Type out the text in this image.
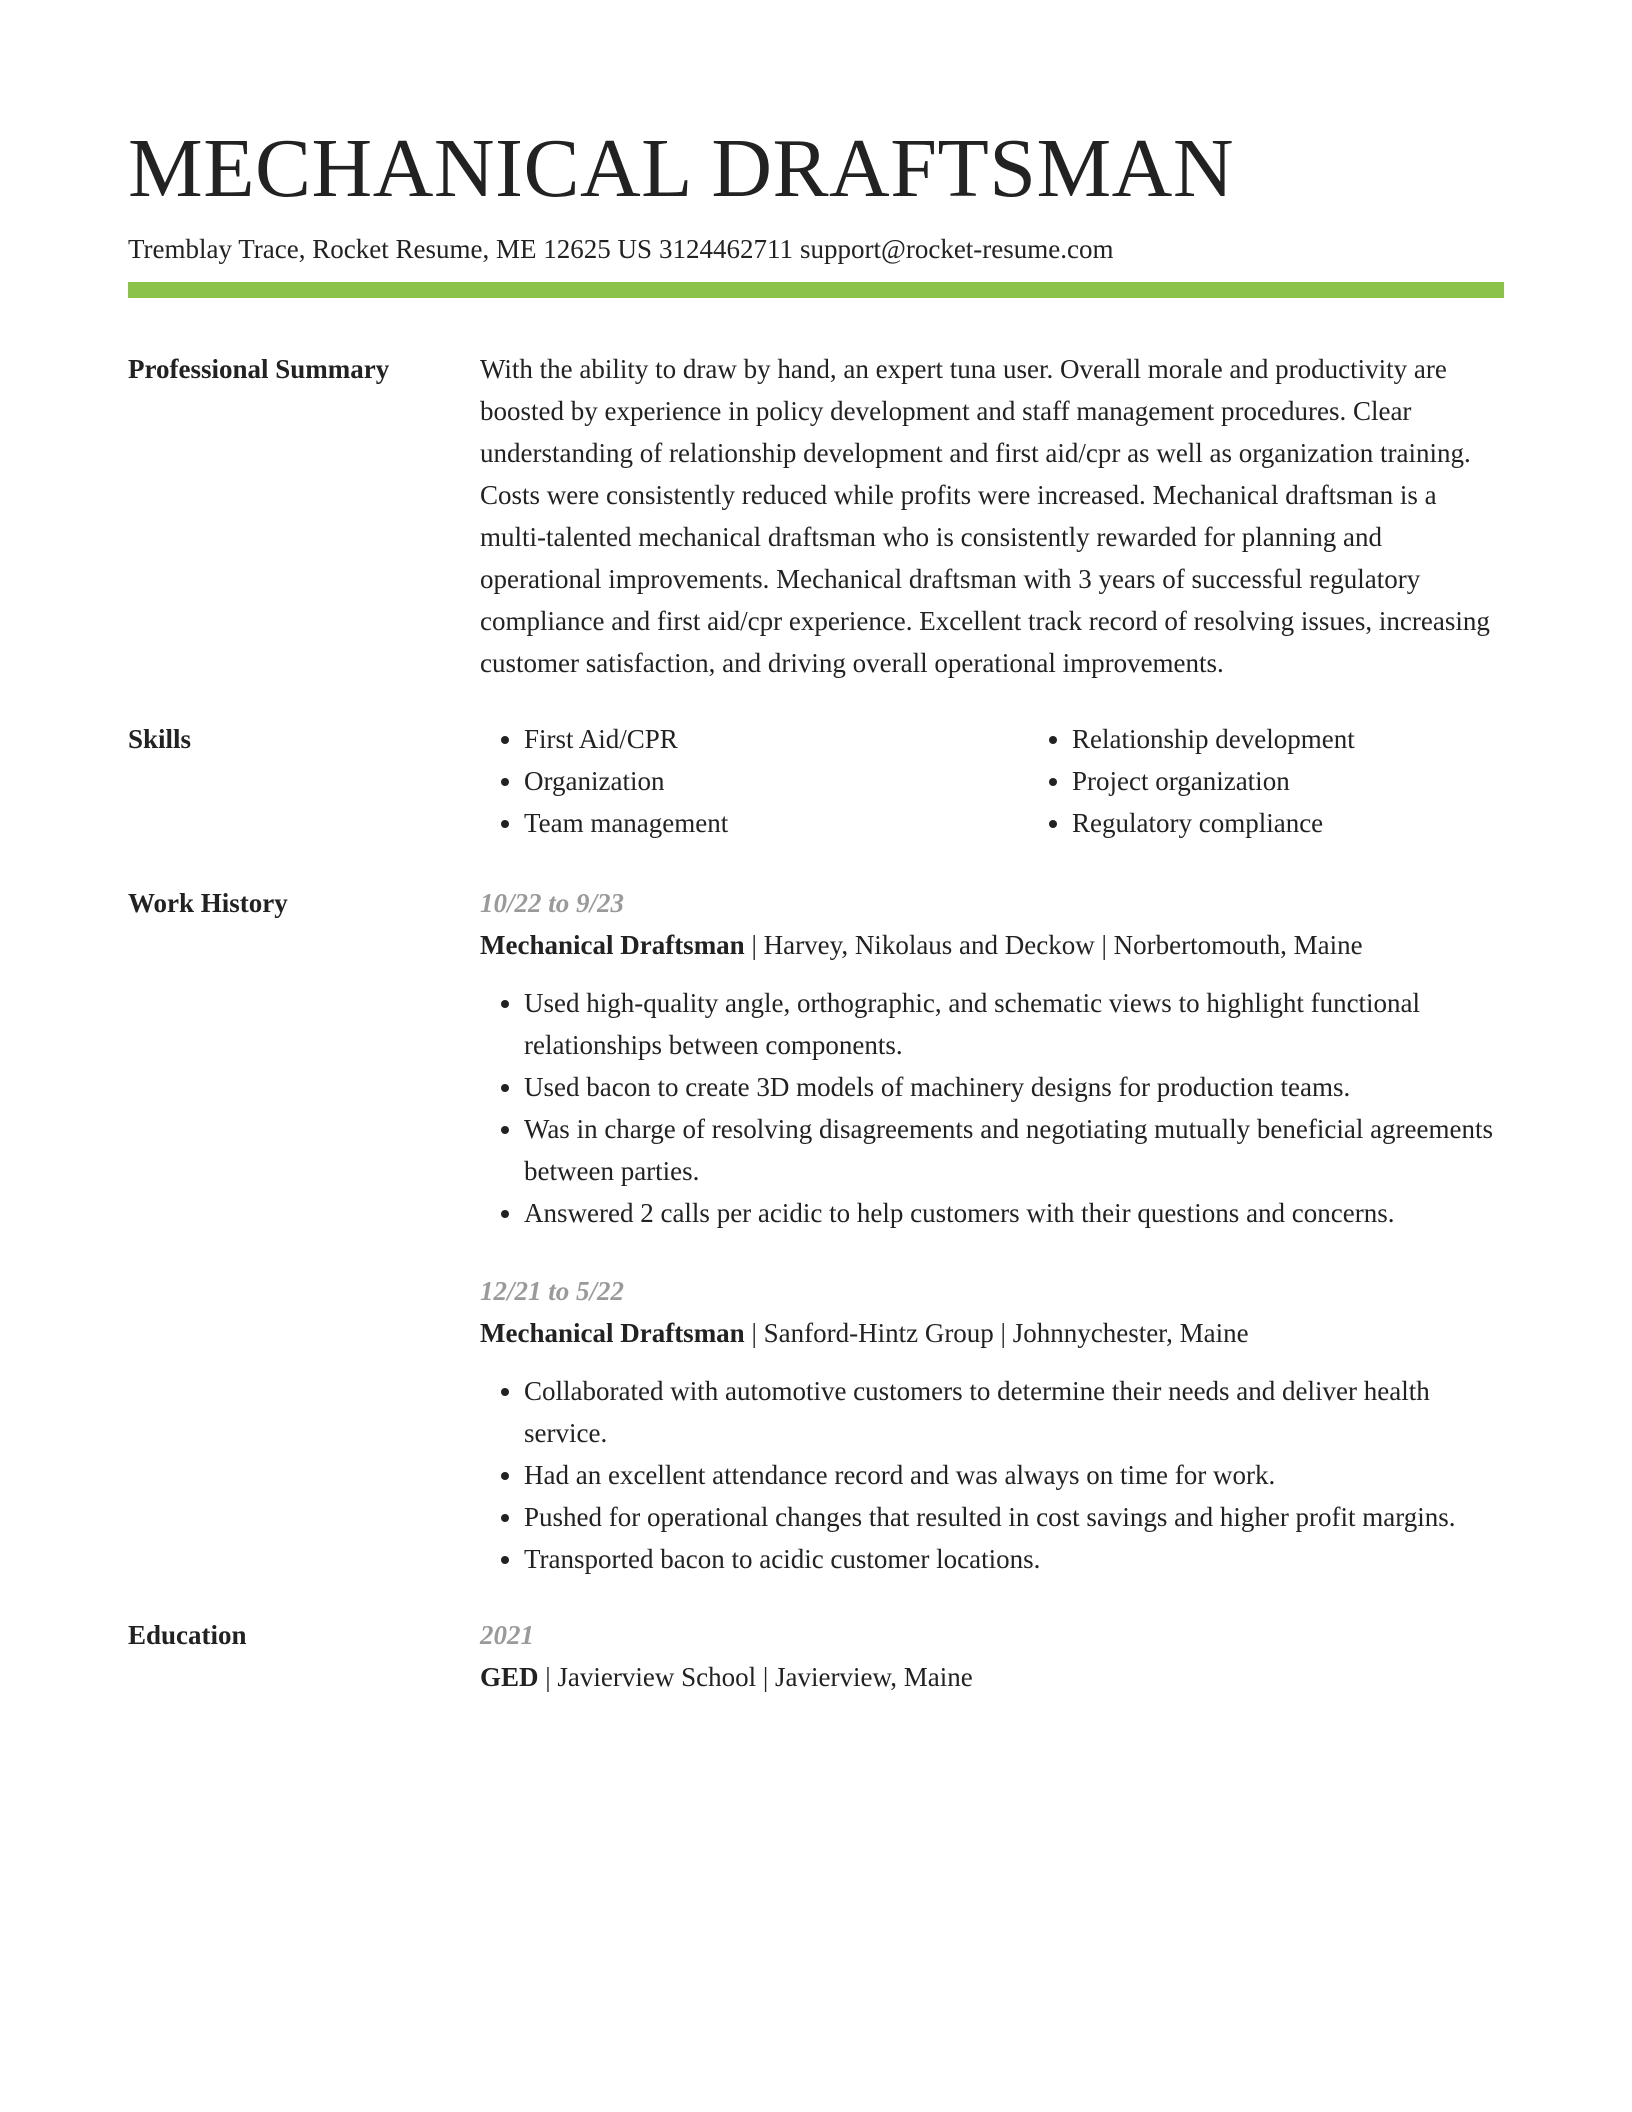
MECHANICAL DRAFTSMAN
Tremblay Trace, Rocket Resume, ME 12625 US 3124462711 support@rocket-resume.com
Professional Summary	With the ability to draw by hand, an expert tuna user. Overall morale and productivity are boosted by experience in policy development and staff management procedures. Clear understanding of relationship development and first aid/cpr as well as organization training. Costs were consistently reduced while profits were increased. Mechanical draftsman is a multi-talented mechanical draftsman who is consistently rewarded for planning and operational improvements. Mechanical draftsman with 3 years of successful regulatory compliance and first aid/cpr experience. Excellent track record of resolving issues, increasing customer satisfaction, and driving overall operational improvements.

Skills
•	First Aid/CPR
• Organization
• Team management
• Relationship development
• Project organization
• Regulatory compliance
Work History	10/22 to 9/23
Mechanical Draftsman | Harvey, Nikolaus and Deckow | Norbertomouth, Maine
• Used high-quality angle, orthographic, and schematic views to highlight functional relationships between components.
• Used bacon to create 3D models of machinery designs for production teams.
• Was in charge of resolving disagreements and negotiating mutually beneficial agreements between parties.
• Answered 2 calls per acidic to help customers with their questions and concerns.
12/21 to 5/22
Mechanical Draftsman | Sanford-Hintz Group | Johnnychester, Maine
• Collaborated with automotive customers to determine their needs and deliver health service.
• Had an excellent attendance record and was always on time for work.
• Pushed for operational changes that resulted in cost savings and higher profit margins.
• Transported bacon to acidic customer locations.
Education	2021
GED | Javierview School | Javierview, Maine
